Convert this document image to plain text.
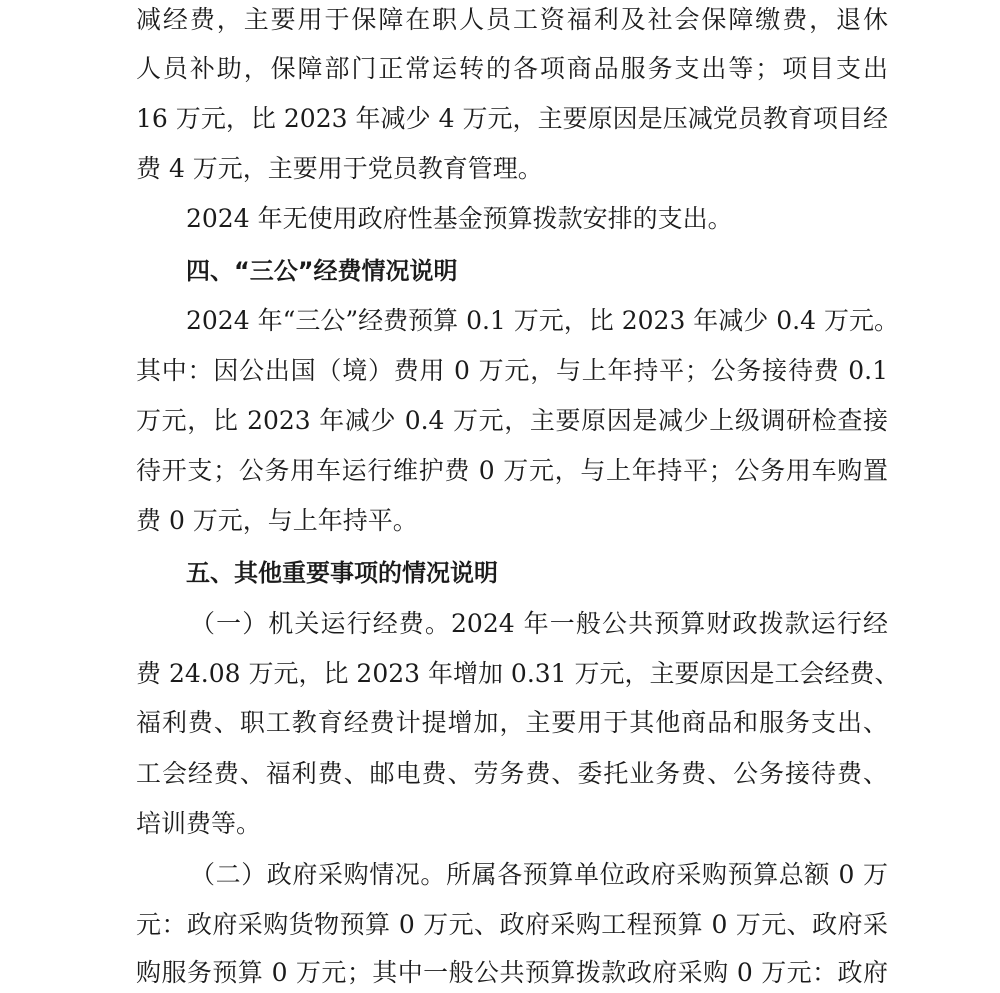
减经费，主要用于保障在职人员工资福利及社会保障缴费，退休

人员补助，保障部门正常运转的各项商品服务支出等；项目支出

16 万元，比 2023 年减少 4 万元，主要原因是压减党员教育项目经

费 4 万元，主要用于党员教育管理。

2024 年无使用政府性基金预算拨款安排的支出。

四、“三公”经费情况说明

2024 年“三公”经费预算 0.1 万元，比 2023 年减少 0.4 万元。

其中：因公出国（境）费用 0 万元，与上年持平；公务接待费 0.1

万元，比 2023 年减少 0.4 万元，主要原因是减少上级调研检查接

待开支；公务用车运行维护费 0 万元，与上年持平；公务用车购置

费 0 万元，与上年持平。

五、其他重要事项的情况说明

（一）机关运行经费。2024 年一般公共预算财政拨款运行经

费 24.08 万元，比 2023 年增加 0.31 万元，主要原因是工会经费、

福利费、职工教育经费计提增加，主要用于其他商品和服务支出、

工会经费、福利费、邮电费、劳务费、委托业务费、公务接待费、

培训费等。

（二）政府采购情况。所属各预算单位政府采购预算总额 0 万

元：政府采购货物预算 0 万元、政府采购工程预算 0 万元、政府采

购服务预算 0 万元；其中一般公共预算拨款政府采购 0 万元：政府
